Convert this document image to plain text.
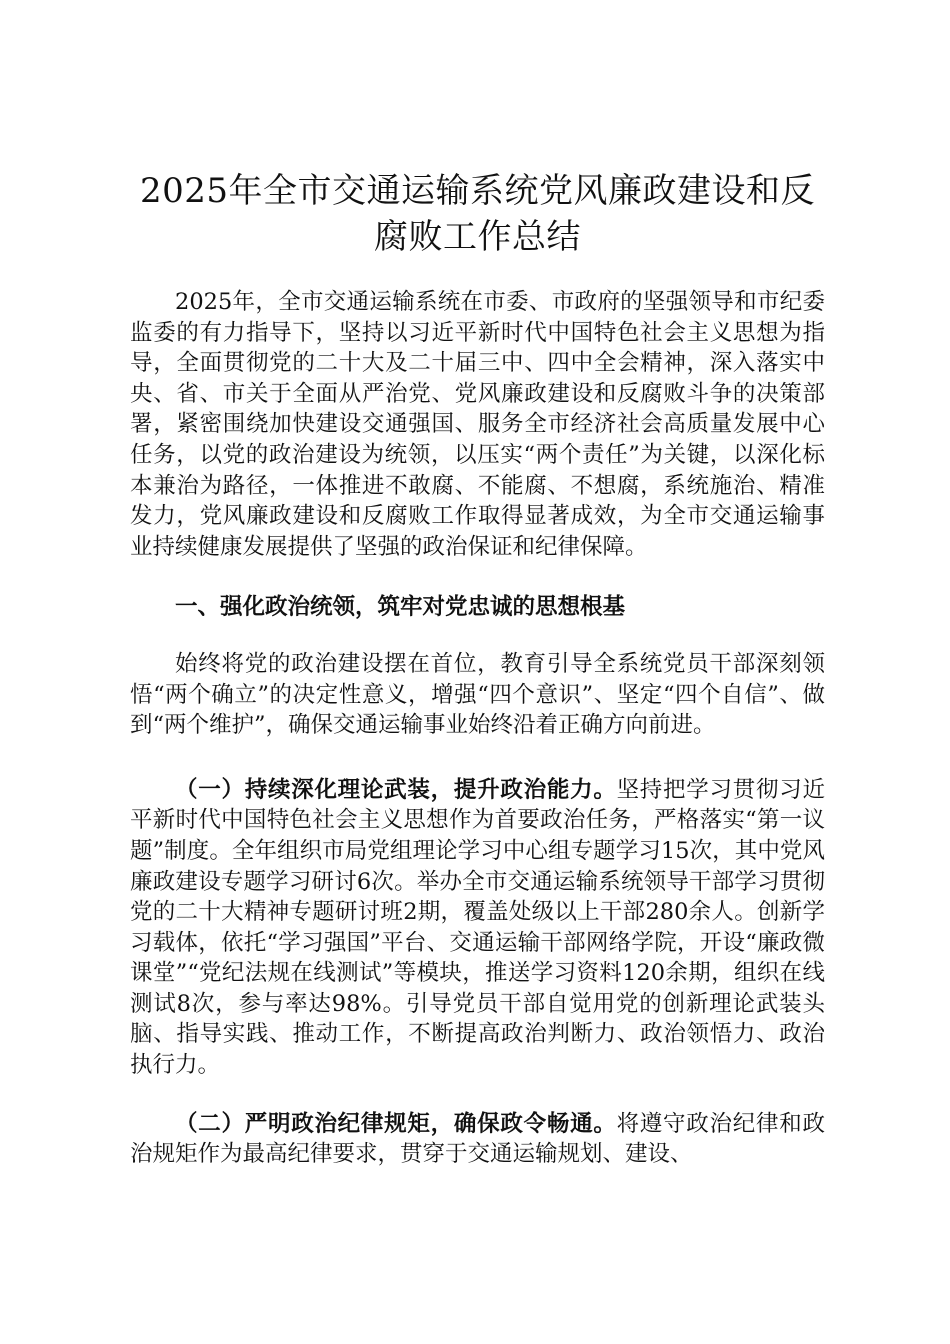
2025年全市交通运输系统党风廉政建设和反
腐败工作总结

2025年，全市交通运输系统在市委、市政府的坚强领导和市纪委监委的有力指导下，坚持以习近平新时代中国特色社会主义思想为指导，全面贯彻党的二十大及二十届三中、四中全会精神，深入落实中央、省、市关于全面从严治党、党风廉政建设和反腐败斗争的决策部署，紧密围绕加快建设交通强国、服务全市经济社会高质量发展中心任务，以党的政治建设为统领，以压实“两个责任”为关键，以深化标本兼治为路径，一体推进不敢腐、不能腐、不想腐，系统施治、精准发力，党风廉政建设和反腐败工作取得显著成效，为全市交通运输事业持续健康发展提供了坚强的政治保证和纪律保障。

一、强化政治统领，筑牢对党忠诚的思想根基

始终将党的政治建设摆在首位，教育引导全系统党员干部深刻领悟“两个确立”的决定性意义，增强“四个意识”、坚定“四个自信”、做到“两个维护”，确保交通运输事业始终沿着正确方向前进。

（一）持续深化理论武装，提升政治能力。坚持把学习贯彻习近平新时代中国特色社会主义思想作为首要政治任务，严格落实“第一议题”制度。全年组织市局党组理论学习中心组专题学习15次，其中党风廉政建设专题学习研讨6次。举办全市交通运输系统领导干部学习贯彻党的二十大精神专题研讨班2期，覆盖处级以上干部280余人。创新学习载体，依托“学习强国”平台、交通运输干部网络学院，开设“廉政微课堂”“党纪法规在线测试”等模块，推送学习资料120余期，组织在线测试8次，参与率达98%。引导党员干部自觉用党的创新理论武装头脑、指导实践、推动工作，不断提高政治判断力、政治领悟力、政治执行力。

（二）严明政治纪律规矩，确保政令畅通。将遵守政治纪律和政治规矩作为最高纪律要求，贯穿于交通运输规划、建设、
